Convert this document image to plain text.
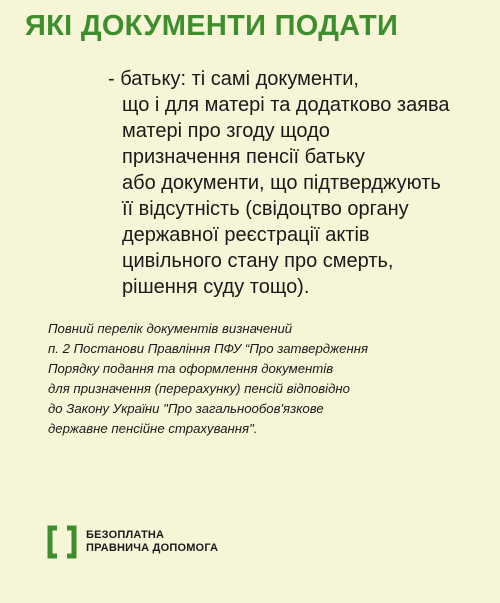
ЯКІ ДОКУМЕНТИ ПОДАТИ
- батьку: ті самі документи,
що і для матері та додатково заява
матері про згоду щодо
призначення пенсії батьку
або документи, що підтверджують
її відсутність (свідоцтво органу
державної реєстрації актів
цивільного стану про смерть,
рішення суду тощо).
Повний перелік документів визначений
п. 2 Постанови Правління ПФУ “Про затвердження
Порядку подання та оформлення документів
для призначення (перерахунку) пенсій відповідно
до Закону України "Про загальнообов'язкове
державне пенсійне страхування".
БЕЗОПЛАТНА
ПРАВНИЧА ДОПОМОГА
